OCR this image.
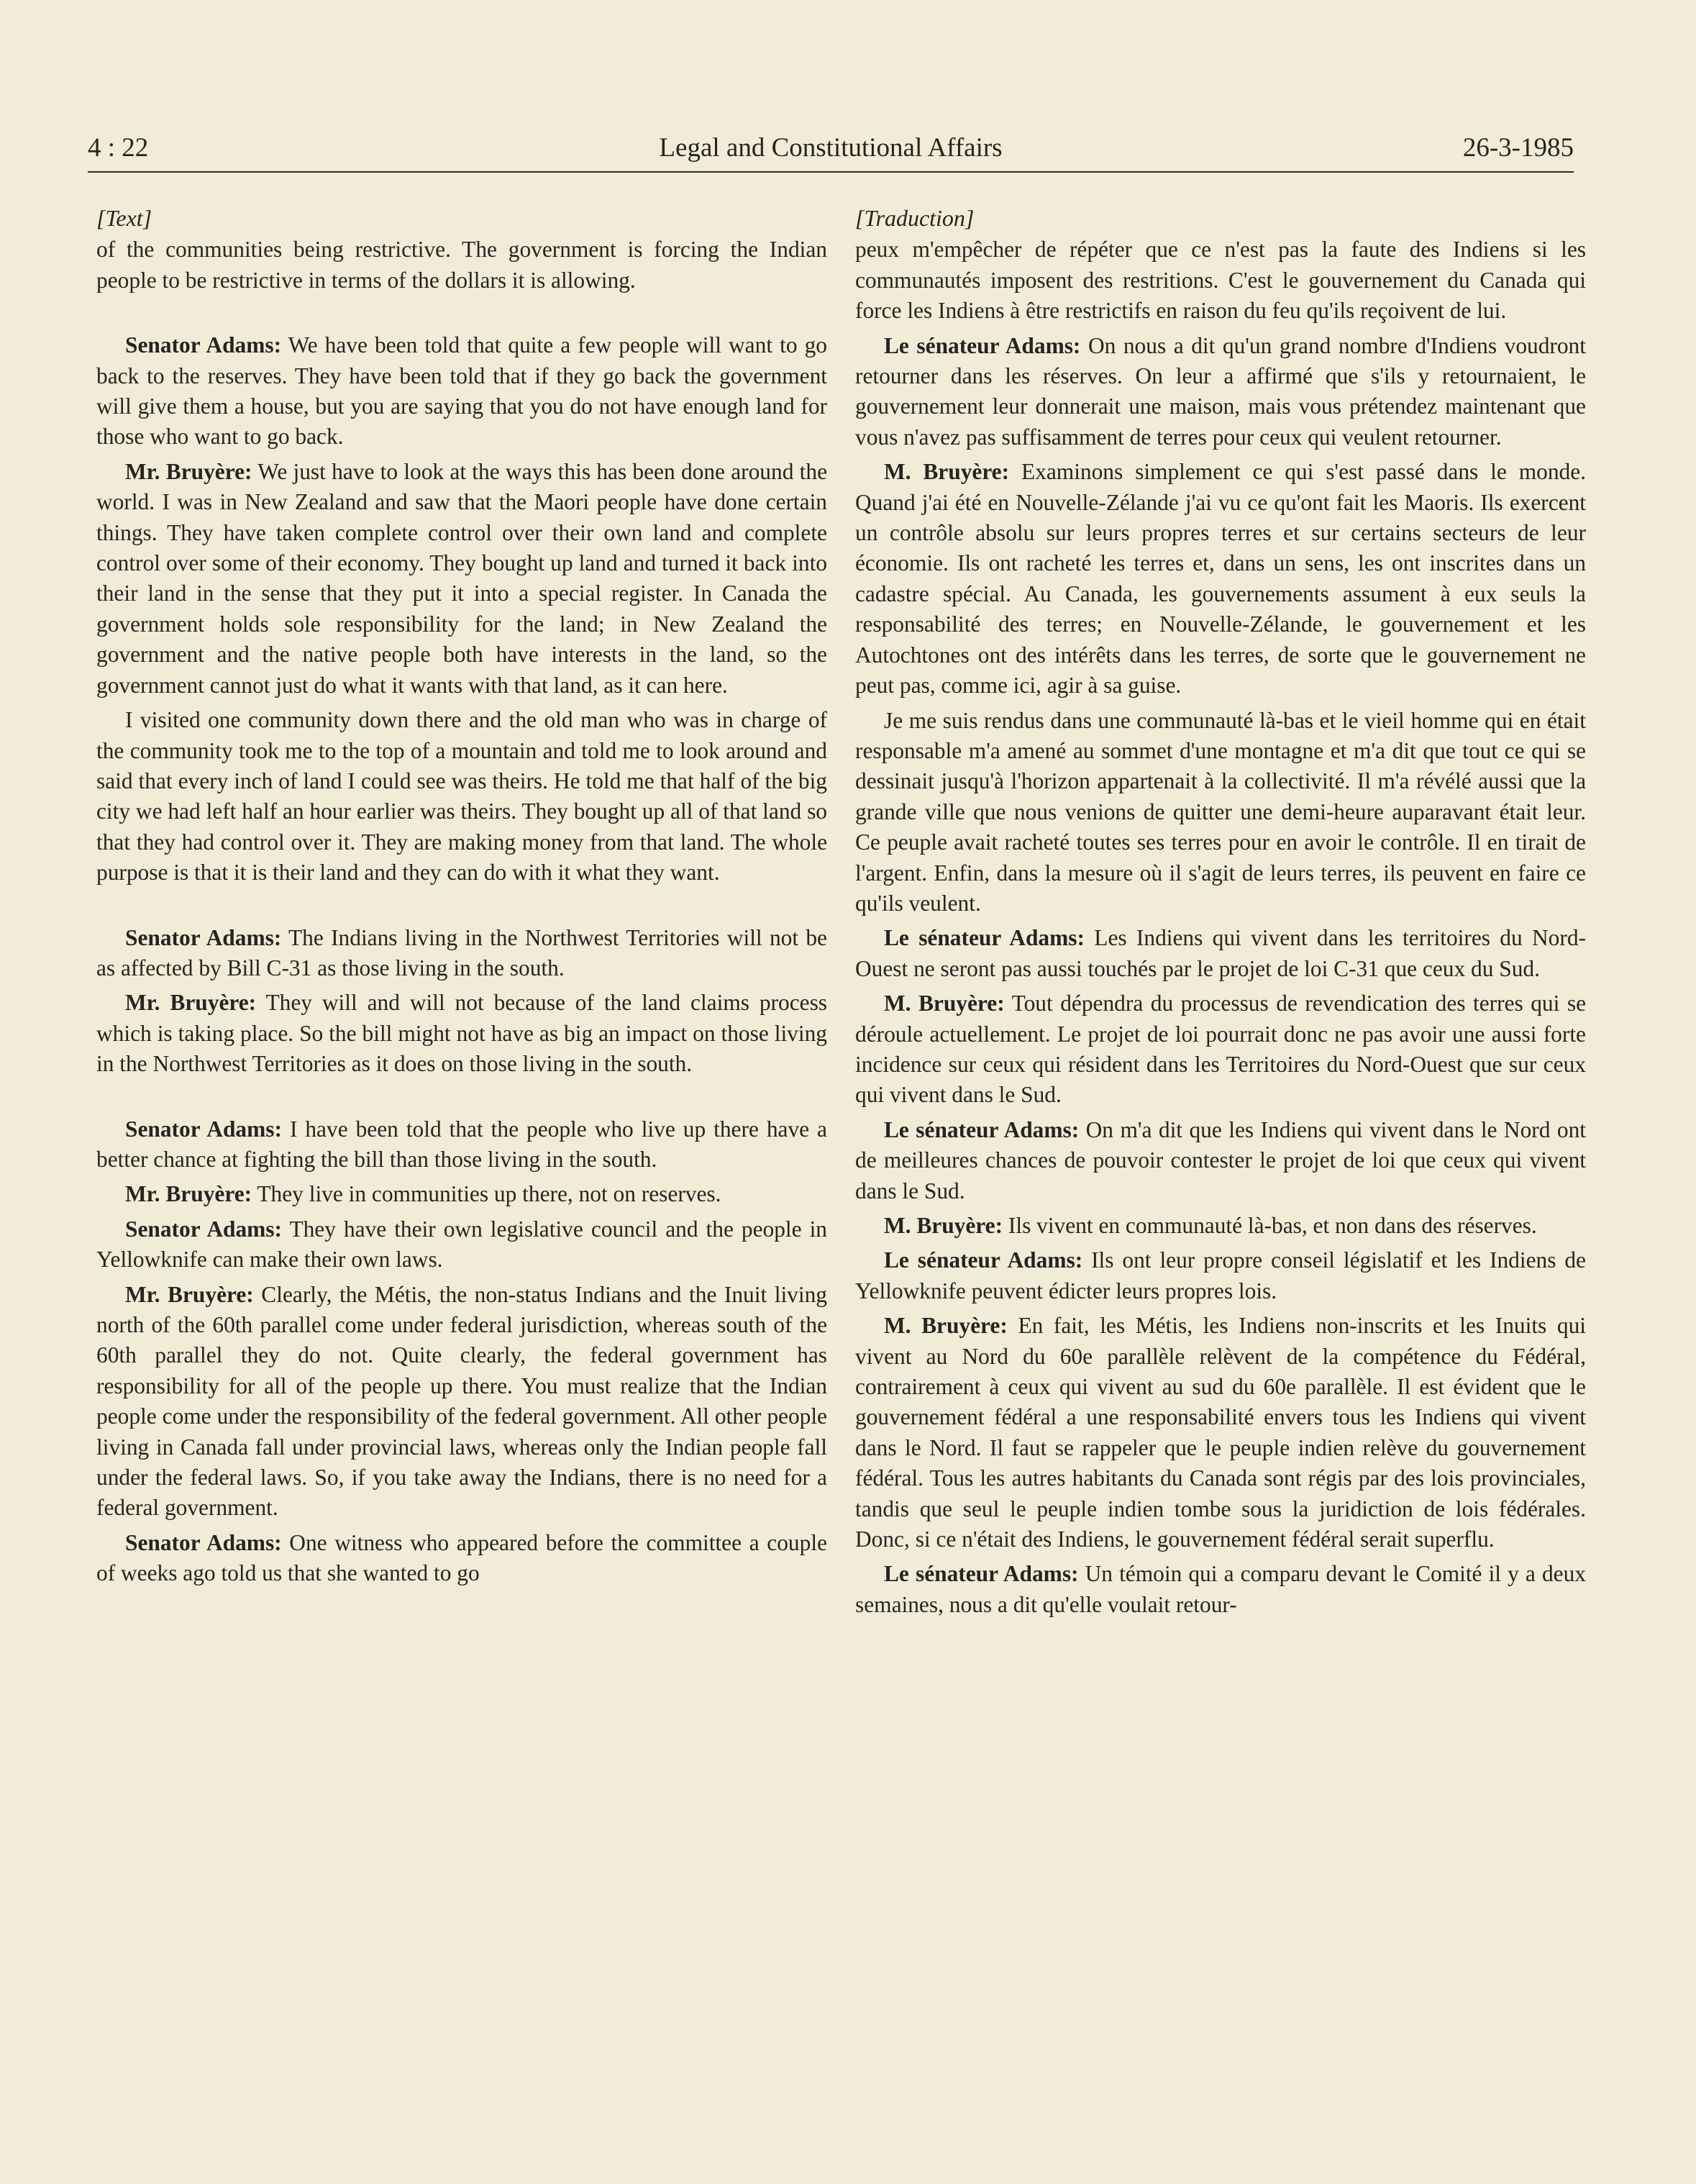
4 : 22	Legal and Constitutional Affairs	26-3-1985

[Text]

of the communities being restrictive. The government is forcing the Indian people to be restrictive in terms of the dollars it is allowing.

Senator Adams: We have been told that quite a few people will want to go back to the reserves. They have been told that if they go back the government will give them a house, but you are saying that you do not have enough land for those who want to go back.

Mr. Bruyère: We just have to look at the ways this has been done around the world. I was in New Zealand and saw that the Maori people have done certain things. They have taken complete control over their own land and complete control over some of their economy. They bought up land and turned it back into their land in the sense that they put it into a special register. In Canada the government holds sole responsibility for the land; in New Zealand the government and the native people both have interests in the land, so the government cannot just do what it wants with that land, as it can here.

I visited one community down there and the old man who was in charge of the community took me to the top of a mountain and told me to look around and said that every inch of land I could see was theirs. He told me that half of the big city we had left half an hour earlier was theirs. They bought up all of that land so that they had control over it. They are making money from that land. The whole purpose is that it is their land and they can do with it what they want.

Senator Adams: The Indians living in the Northwest Territories will not be as affected by Bill C-31 as those living in the south.

Mr. Bruyère: They will and will not because of the land claims process which is taking place. So the bill might not have as big an impact on those living in the Northwest Territories as it does on those living in the south.

Senator Adams: I have been told that the people who live up there have a better chance at fighting the bill than those living in the south.

Mr. Bruyère: They live in communities up there, not on reserves.

Senator Adams: They have their own legislative council and the people in Yellowknife can make their own laws.

Mr. Bruyère: Clearly, the Métis, the non-status Indians and the Inuit living north of the 60th parallel come under federal jurisdiction, whereas south of the 60th parallel they do not. Quite clearly, the federal government has responsibility for all of the people up there. You must realize that the Indian people come under the responsibility of the federal government. All other people living in Canada fall under provincial laws, whereas only the Indian people fall under the federal laws. So, if you take away the Indians, there is no need for a federal government.

Senator Adams: One witness who appeared before the committee a couple of weeks ago told us that she wanted to go

[Traduction]

peux m'empêcher de répéter que ce n'est pas la faute des Indiens si les communautés imposent des restritions. C'est le gouvernement du Canada qui force les Indiens à être restrictifs en raison du feu qu'ils reçoivent de lui.

Le sénateur Adams: On nous a dit qu'un grand nombre d'Indiens voudront retourner dans les réserves. On leur a affirmé que s'ils y retournaient, le gouvernement leur donnerait une maison, mais vous prétendez maintenant que vous n'avez pas suffisamment de terres pour ceux qui veulent retourner.

M. Bruyère: Examinons simplement ce qui s'est passé dans le monde. Quand j'ai été en Nouvelle-Zélande j'ai vu ce qu'ont fait les Maoris. Ils exercent un contrôle absolu sur leurs propres terres et sur certains secteurs de leur économie. Ils ont racheté les terres et, dans un sens, les ont inscrites dans un cadastre spécial. Au Canada, les gouvernements assument à eux seuls la responsabilité des terres; en Nouvelle-Zélande, le gouvernement et les Autochtones ont des intérêts dans les terres, de sorte que le gouvernement ne peut pas, comme ici, agir à sa guise.

Je me suis rendus dans une communauté là-bas et le vieil homme qui en était responsable m'a amené au sommet d'une montagne et m'a dit que tout ce qui se dessinait jusqu'à l'horizon appartenait à la collectivité. Il m'a révélé aussi que la grande ville que nous venions de quitter une demi-heure auparavant était leur. Ce peuple avait racheté toutes ses terres pour en avoir le contrôle. Il en tirait de l'argent. Enfin, dans la mesure où il s'agit de leurs terres, ils peuvent en faire ce qu'ils veulent.

Le sénateur Adams: Les Indiens qui vivent dans les territoires du Nord-Ouest ne seront pas aussi touchés par le projet de loi C-31 que ceux du Sud.

M. Bruyère: Tout dépendra du processus de revendication des terres qui se déroule actuellement. Le projet de loi pourrait donc ne pas avoir une aussi forte incidence sur ceux qui résident dans les Territoires du Nord-Ouest que sur ceux qui vivent dans le Sud.

Le sénateur Adams: On m'a dit que les Indiens qui vivent dans le Nord ont de meilleures chances de pouvoir contester le projet de loi que ceux qui vivent dans le Sud.

M. Bruyère: Ils vivent en communauté là-bas, et non dans des réserves.

Le sénateur Adams: Ils ont leur propre conseil législatif et les Indiens de Yellowknife peuvent édicter leurs propres lois.

M. Bruyère: En fait, les Métis, les Indiens non-inscrits et les Inuits qui vivent au Nord du 60e parallèle relèvent de la compétence du Fédéral, contrairement à ceux qui vivent au sud du 60e parallèle. Il est évident que le gouvernement fédéral a une responsabilité envers tous les Indiens qui vivent dans le Nord. Il faut se rappeler que le peuple indien relève du gouvernement fédéral. Tous les autres habitants du Canada sont régis par des lois provinciales, tandis que seul le peuple indien tombe sous la juridiction de lois fédérales. Donc, si ce n'était des Indiens, le gouvernement fédéral serait superflu.

Le sénateur Adams: Un témoin qui a comparu devant le Comité il y a deux semaines, nous a dit qu'elle voulait retour-
